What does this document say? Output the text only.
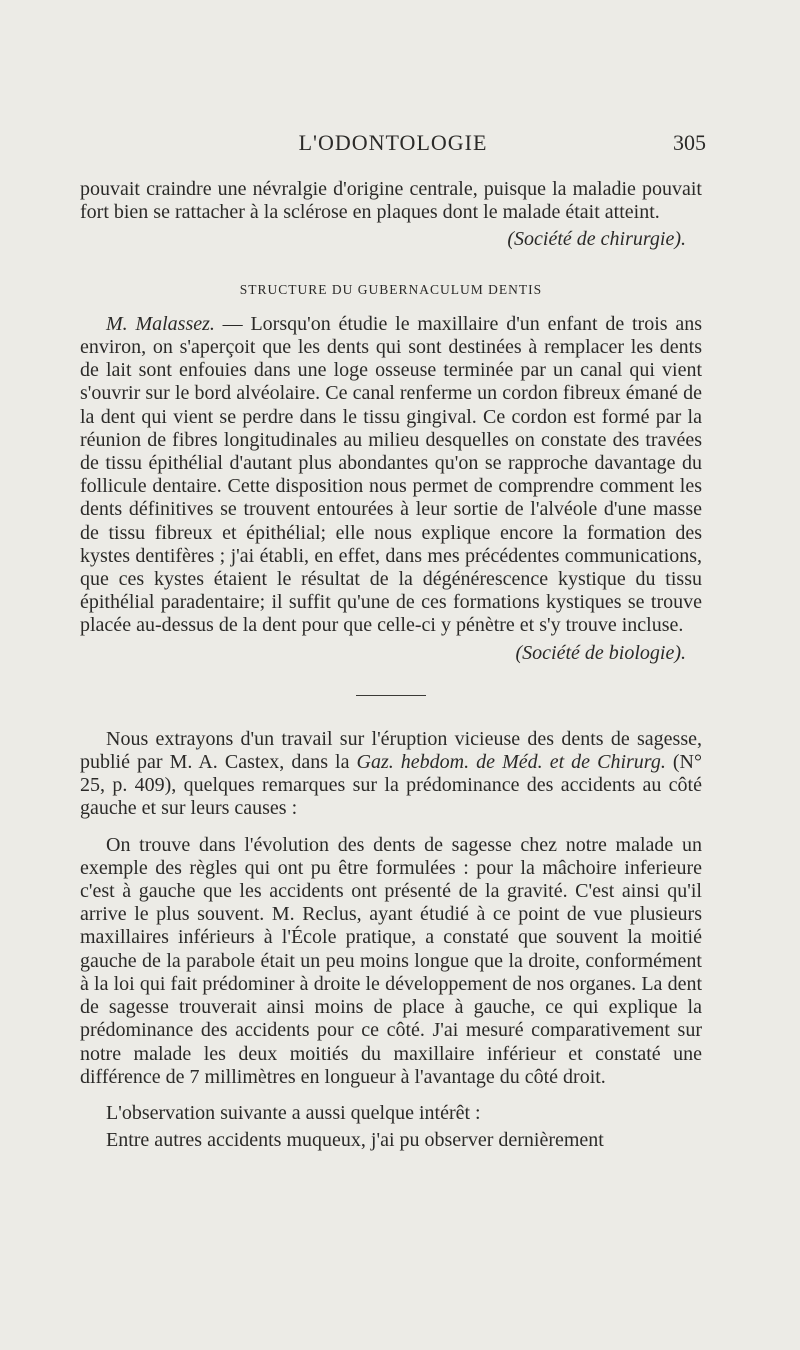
L'ODONTOLOGIE	305

pouvait craindre une névralgie d'origine centrale, puisque la maladie pouvait fort bien se rattacher à la sclérose en plaques dont le malade était atteint.

(Société de chirurgie).

STRUCTURE DU GUBERNACULUM DENTIS

M. Malassez. — Lorsqu'on étudie le maxillaire d'un enfant de trois ans environ, on s'aperçoit que les dents qui sont destinées à remplacer les dents de lait sont enfouies dans une loge osseuse terminée par un canal qui vient s'ouvrir sur le bord alvéolaire. Ce canal renferme un cordon fibreux émané de la dent qui vient se perdre dans le tissu gingival. Ce cordon est formé par la réunion de fibres longitudinales au milieu desquelles on constate des travées de tissu épithélial d'autant plus abondantes qu'on se rapproche davantage du follicule dentaire. Cette disposition nous permet de comprendre comment les dents définitives se trouvent entourées à leur sortie de l'alvéole d'une masse de tissu fibreux et épithélial; elle nous explique encore la formation des kystes dentifères ; j'ai établi, en effet, dans mes précédentes communications, que ces kystes étaient le résultat de la dégénérescence kystique du tissu épithélial paradentaire; il suffit qu'une de ces formations kystiques se trouve placée au-dessus de la dent pour que celle-ci y pénètre et s'y trouve incluse.

(Société de biologie).

Nous extrayons d'un travail sur l'éruption vicieuse des dents de sagesse, publié par M. A. Castex, dans la Gaz. hebdom. de Méd. et de Chirurg. (N° 25, p. 409), quelques remarques sur la prédominance des accidents au côté gauche et sur leurs causes :

On trouve dans l'évolution des dents de sagesse chez notre malade un exemple des règles qui ont pu être formulées : pour la mâchoire inferieure c'est à gauche que les accidents ont présenté de la gravité. C'est ainsi qu'il arrive le plus souvent. M. Reclus, ayant étudié à ce point de vue plusieurs maxillaires inférieurs à l'École pratique, a constaté que souvent la moitié gauche de la parabole était un peu moins longue que la droite, conformément à la loi qui fait prédominer à droite le développement de nos organes. La dent de sagesse trouverait ainsi moins de place à gauche, ce qui explique la prédominance des accidents pour ce côté. J'ai mesuré comparativement sur notre malade les deux moitiés du maxillaire inférieur et constaté une différence de 7 millimètres en longueur à l'avantage du côté droit.

L'observation suivante a aussi quelque intérêt :

Entre autres accidents muqueux, j'ai pu observer dernièrement
